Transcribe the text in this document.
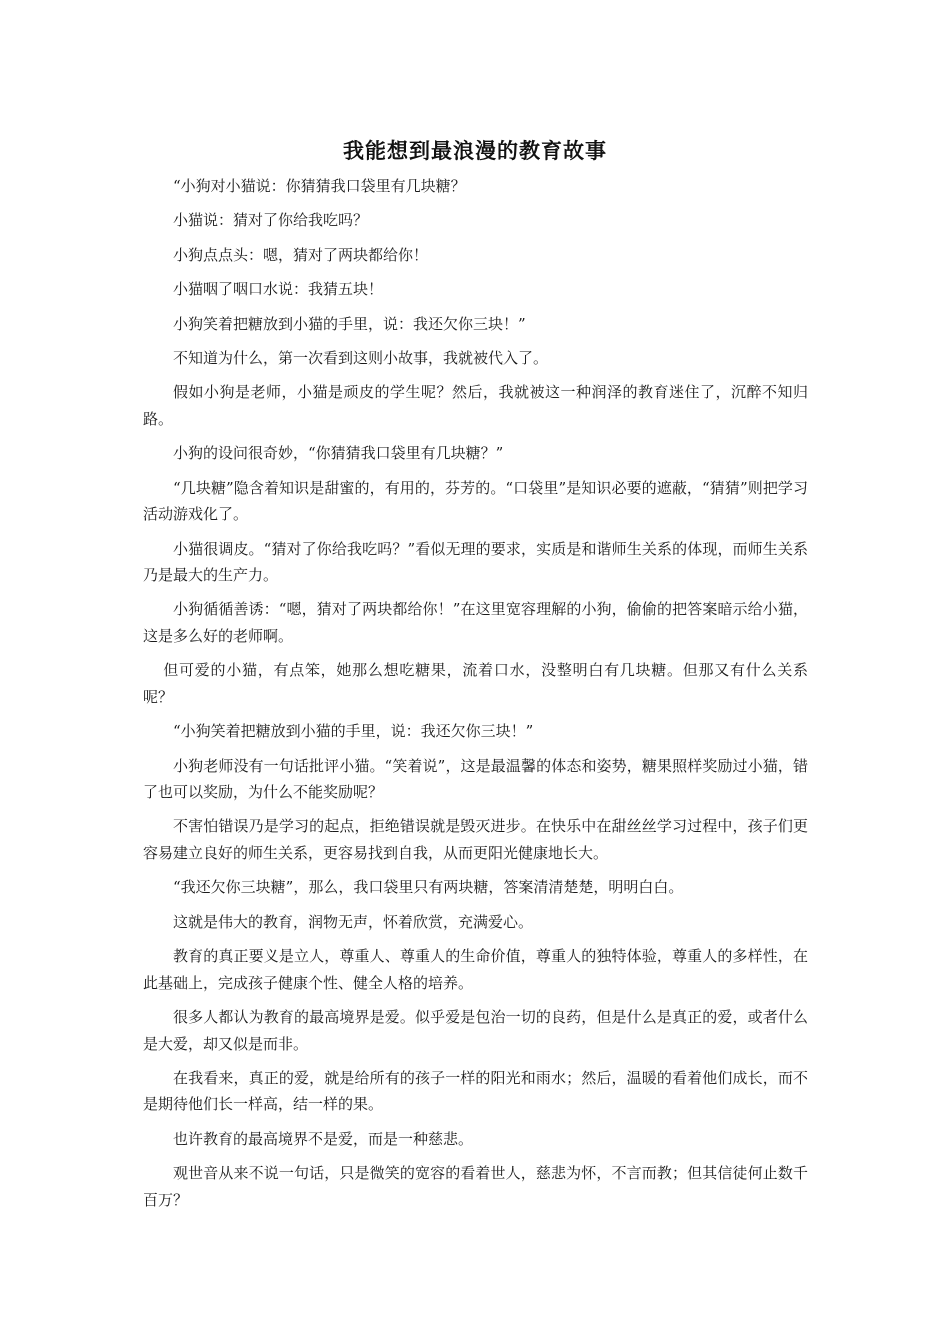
我能想到最浪漫的教育故事

“小狗对小猫说：你猜猜我口袋里有几块糖？

小猫说：猜对了你给我吃吗？

小狗点点头：嗯，猜对了两块都给你！

小猫咽了咽口水说：我猜五块！

小狗笑着把糖放到小猫的手里，说：我还欠你三块！”

不知道为什么，第一次看到这则小故事，我就被代入了。

假如小狗是老师，小猫是顽皮的学生呢？然后，我就被这一种润泽的教育迷住了，沉醉不知归路。

小狗的设问很奇妙，“你猜猜我口袋里有几块糖？”

“几块糖”隐含着知识是甜蜜的，有用的，芬芳的。“口袋里”是知识必要的遮蔽，“猜猜”则把学习活动游戏化了。

小猫很调皮。“猜对了你给我吃吗？”看似无理的要求，实质是和谐师生关系的体现，而师生关系乃是最大的生产力。

小狗循循善诱：“嗯，猜对了两块都给你！”在这里宽容理解的小狗，偷偷的把答案暗示给小猫，这是多么好的老师啊。

但可爱的小猫，有点笨，她那么想吃糖果，流着口水，没整明白有几块糖。但那又有什么关系呢？

“小狗笑着把糖放到小猫的手里，说：我还欠你三块！”

小狗老师没有一句话批评小猫。“笑着说”，这是最温馨的体态和姿势，糖果照样奖励过小猫，错了也可以奖励，为什么不能奖励呢？

不害怕错误乃是学习的起点，拒绝错误就是毁灭进步。在快乐中在甜丝丝学习过程中，孩子们更容易建立良好的师生关系，更容易找到自我，从而更阳光健康地长大。

“我还欠你三块糖”，那么，我口袋里只有两块糖，答案清清楚楚，明明白白。

这就是伟大的教育，润物无声，怀着欣赏，充满爱心。

教育的真正要义是立人，尊重人、尊重人的生命价值，尊重人的独特体验，尊重人的多样性，在此基础上，完成孩子健康个性、健全人格的培养。

很多人都认为教育的最高境界是爱。似乎爱是包治一切的良药，但是什么是真正的爱，或者什么是大爱，却又似是而非。

在我看来，真正的爱，就是给所有的孩子一样的阳光和雨水；然后，温暖的看着他们成长，而不是期待他们长一样高，结一样的果。

也许教育的最高境界不是爱，而是一种慈悲。

观世音从来不说一句话，只是微笑的宽容的看着世人，慈悲为怀，不言而教；但其信徒何止数千百万？
